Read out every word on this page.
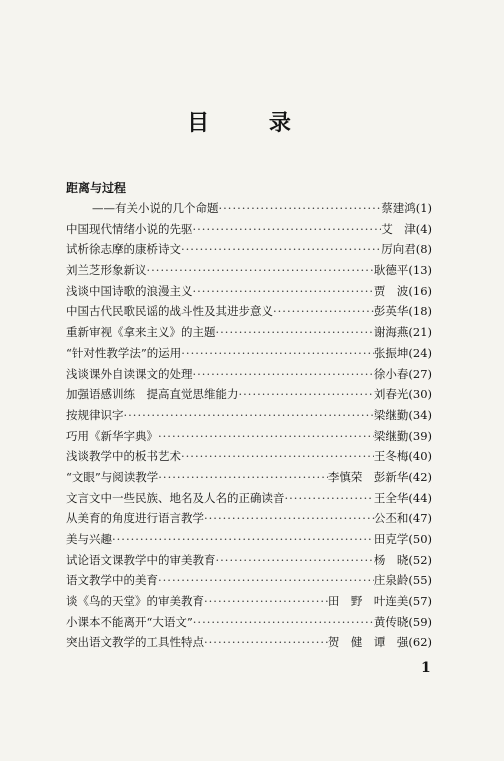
目 录
距离与过程
——有关小说的几个命题 ·····	蔡建鸿 (1)
中国现代情绪小说的先驱 ·····	艾　津 (4)
试析徐志摩的康桥诗文 ·····	厉向君 (8)
刘兰芝形象新议 ·····	耿德平 (13)
浅谈中国诗歌的浪漫主义 ·····	贾　波 (16)
中国古代民歌民谣的战斗性及其进步意义 ·····	彭英华 (18)
重新审视《拿来主义》的主题 ·····	谢海燕 (21)
“针对性教学法”的运用 ·····	张振坤 (24)
浅谈课外自读课文的处理 ·····	徐小春 (27)
加强语感训练　提高直觉思维能力 ·····	刘春光 (30)
按规律识字 ·····	梁继勤 (34)
巧用《新华字典》 ·····	梁继勤 (39)
浅谈教学中的板书艺术 ·····	王冬梅 (40)
“文眼”与阅读教学 ·····	李慎荣　彭新华 (42)
文言文中一些民族、地名及人名的正确读音 ·····	王全华 (44)
从美育的角度进行语言教学 ·····	公丕和 (47)
美与兴趣 ·····	田克学 (50)
试论语文课教学中的审美教育 ·····	杨　晓 (52)
语文教学中的美育 ·····	庄泉龄 (55)
谈《鸟的天堂》的审美教育 ·····	田　野　叶连美 (57)
小课本不能离开“大语文” ·····	黄传晓 (59)
突出语文教学的工具性特点 ·····	贺　健　谭　强 (62)
1
